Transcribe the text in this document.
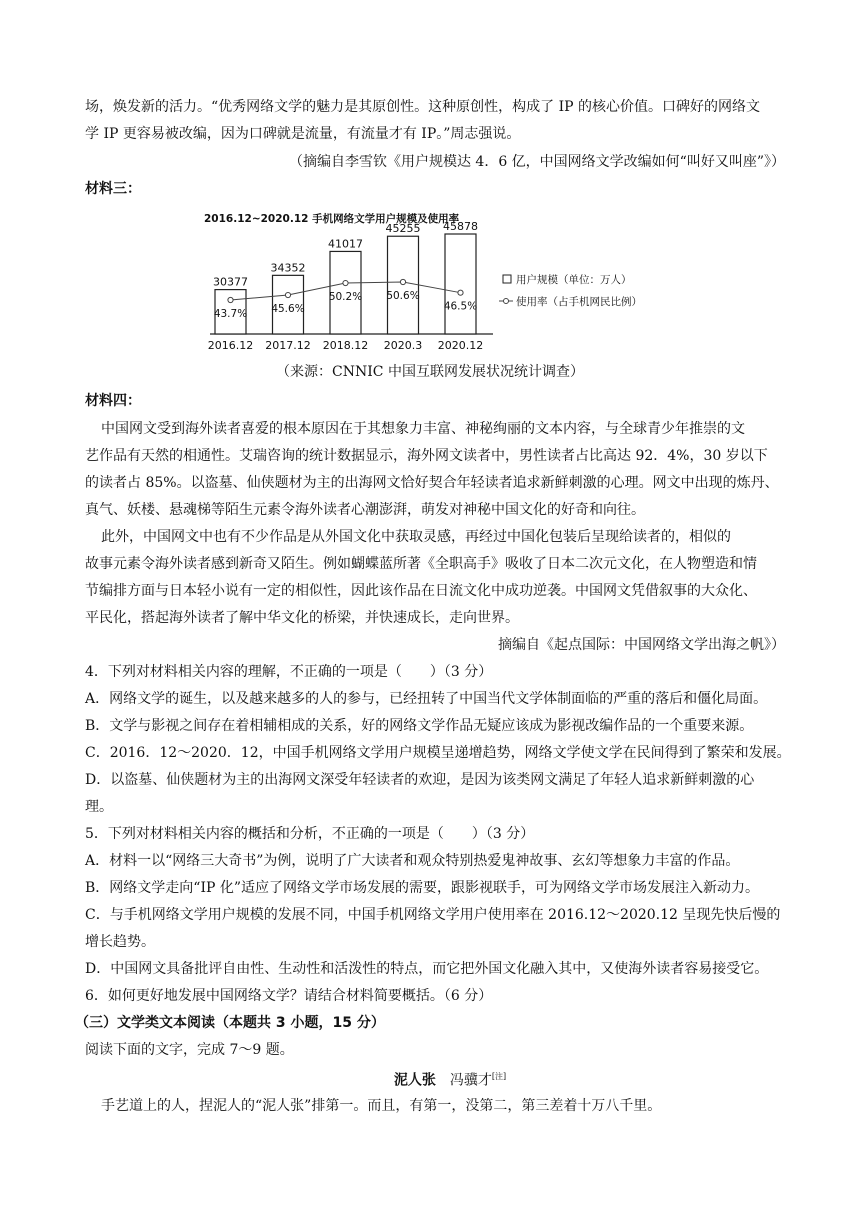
场，焕发新的活力。“优秀网络文学的魅力是其原创性。这种原创性，构成了 IP 的核心价值。口碑好的网络文
学 IP 更容易被改编，因为口碑就是流量，有流量才有 IP。”周志强说。
（摘编自李雪钦《用户规模达 4．6 亿，中国网络文学改编如何“叫好又叫座”》）
材料三：
2016.12~2020.12 手机网络文学用户规模及使用率
30377
2016.12
34352
2017.12
41017
2018.12
45255
2020.3
45878
2020.12
43.7% 45.6%
50.2% 50.6%
46.5%
用户规模（单位：万人）
使用率（占手机网民比例）
（来源：CNNIC 中国互联网发展状况统计调查）
材料四：
中国网文受到海外读者喜爱的根本原因在于其想象力丰富、神秘绚丽的文本内容，与全球青少年推崇的文
艺作品有天然的相通性。艾瑞咨询的统计数据显示，海外网文读者中，男性读者占比高达 92．4%，30 岁以下
的读者占 85%。以盗墓、仙侠题材为主的出海网文恰好契合年轻读者追求新鲜刺激的心理。网文中出现的炼丹、
真气、妖楼、悬魂梯等陌生元素令海外读者心潮澎湃，萌发对神秘中国文化的好奇和向往。
此外，中国网文中也有不少作品是从外国文化中获取灵感，再经过中国化包装后呈现给读者的，相似的
故事元素令海外读者感到新奇又陌生。例如蝴蝶蓝所著《全职高手》吸收了日本二次元文化，在人物塑造和情
节编排方面与日本轻小说有一定的相似性，因此该作品在日流文化中成功逆袭。中国网文凭借叙事的大众化、
平民化，搭起海外读者了解中华文化的桥梁，并快速成长，走向世界。
摘编自《起点国际：中国网络文学出海之帆》）
4．下列对材料相关内容的理解，不正确的一项是（　　）（3 分）
A．网络文学的诞生，以及越来越多的人的参与，已经扭转了中国当代文学体制面临的严重的落后和僵化局面。
B．文学与影视之间存在着相辅相成的关系，好的网络文学作品无疑应该成为影视改编作品的一个重要来源。
C．2016．12～2020．12，中国手机网络文学用户规模呈递增趋势，网络文学使文学在民间得到了繁荣和发展。
D．以盗墓、仙侠题材为主的出海网文深受年轻读者的欢迎，是因为该类网文满足了年轻人追求新鲜刺激的心
理。
5．下列对材料相关内容的概括和分析，不正确的一项是（　　）（3 分）
A．材料一以“网络三大奇书”为例，说明了广大读者和观众特别热爱鬼神故事、玄幻等想象力丰富的作品。
B．网络文学走向“IP 化”适应了网络文学市场发展的需要，跟影视联手，可为网络文学市场发展注入新动力。
C．与手机网络文学用户规模的发展不同，中国手机网络文学用户使用率在 2016.12～2020.12 呈现先快后慢的
增长趋势。
D．中国网文具备批评自由性、生动性和活泼性的特点，而它把外国文化融入其中，又使海外读者容易接受它。
6．如何更好地发展中国网络文学？请结合材料简要概括。（6 分）
（三）文学类文本阅读（本题共 3 小题，15 分）
阅读下面的文字，完成 7～9 题。
泥人张　 冯骥才[注]
手艺道上的人，捏泥人的“泥人张”排第一。而且，有第一，没第二，第三差着十万八千里。
